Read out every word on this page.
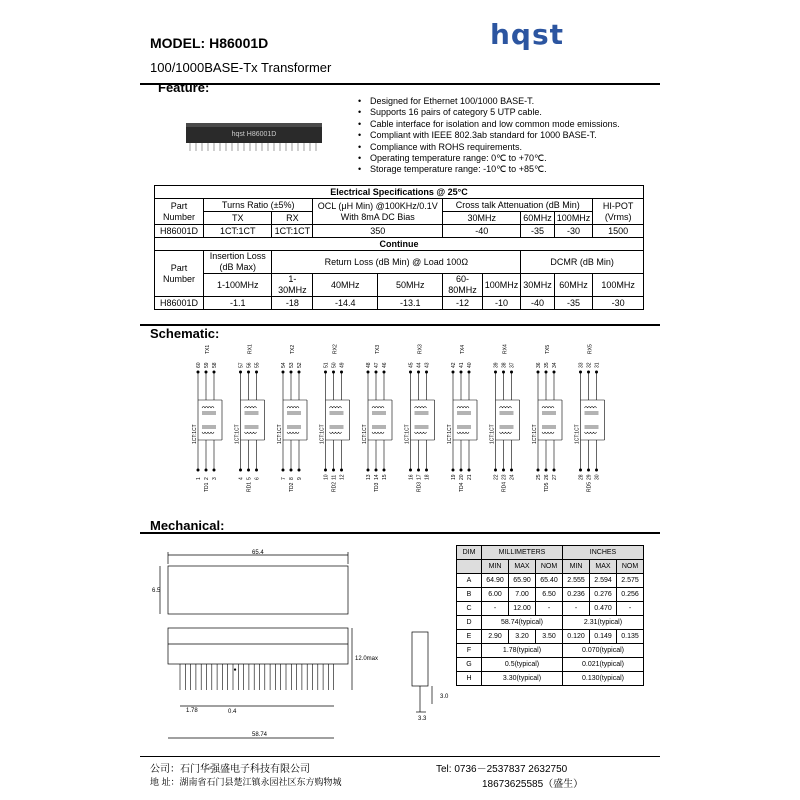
MODEL: H86001D
100/1000BASE-Tx Transformer
hqst
Feature:
hqst H86001D
• Designed for Ethernet 100/1000 BASE-T.
• Supports 16 pairs of category 5 UTP cable.
• Cable interface for isolation and low common mode emissions.
• Compliant with IEEE 802.3ab standard for 1000 BASE-T.
• Compliance with ROHS requirements.
• Operating temperature range: 0℃ to +70℃.
• Storage temperature range: -10℃ to +85℃.
Electrical Specifications @ 25°C									
Part Number	Turns Ratio (±5%)		OCL (μH Min) @100KHz/0.1V With 8mA DC Bias		Cross talk Attenuation (dB Min)				HI-POT (Vrms)
	TX	RX			30MHz		60MHz	100MHz	
H86001D	1CT:1CT	1CT:1CT	350		-40		-35	-30	1500
Continue									
Part Number	Insertion Loss (dB Max)	Return Loss (dB Min) @ Load 100Ω					DCMR (dB Min)		
	1-100MHz	1-30MHz	40MHz	50MHz	60-80MHz	100MHz	30MHz	60MHz	100MHz
H86001D	-1.1	-18	-14.4	-13.1	-12	-10	-40	-35	-30
Schematic:
60
1
59
2
58
3
TX1
TD1
1CT:1CT
57
4
56
5
55
6
RX1
RD1
1CT:1CT
54
7
53
8
52
9
TX2
TD2
1CT:1CT
51
10
50
11
49
12
RX2
RD2
1CT:1CT
48
13
47
14
46
15
TX3
TD3
1CT:1CT
45
16
44
17
43
18
RX3
RD3
1CT:1CT
42
19
41
20
40
21
TX4
TD4
1CT:1CT
39
22
38
23
37
24
RX4
RD4
1CT:1CT
36
25
35
26
34
27
TX5
TD5
1CT:1CT
33
28
32
29
31
30
RX5
RD5
1CT:1CT
Mechanical:
•
65.4
6.5
12.0max
1.78	0.4
58.74
3.0
3.3
DIM	MILLIMETERS			INCHES		
	MIN	MAX	NOM	MIN	MAX	NOM
A	64.90	65.90	65.40	2.555	2.594	2.575
B	6.00	7.00	6.50	0.236	0.276	0.256
C	-	12.00	-	-	0.470	-
D	58.74(typical)			2.31(typical)		
E	2.90	3.20	3.50	0.120	0.149	0.135
F	1.78(typical)			0.070(typical)		
G	0.5(typical)			0.021(typical)		
H	3.30(typical)			0.130(typical)		
公司：石门华强盛电子科技有限公司
地 址：湖南省石门县楚江镇永园社区东方购物城
Tel: 0736－2537837 2632750
18673625585（盛生）
